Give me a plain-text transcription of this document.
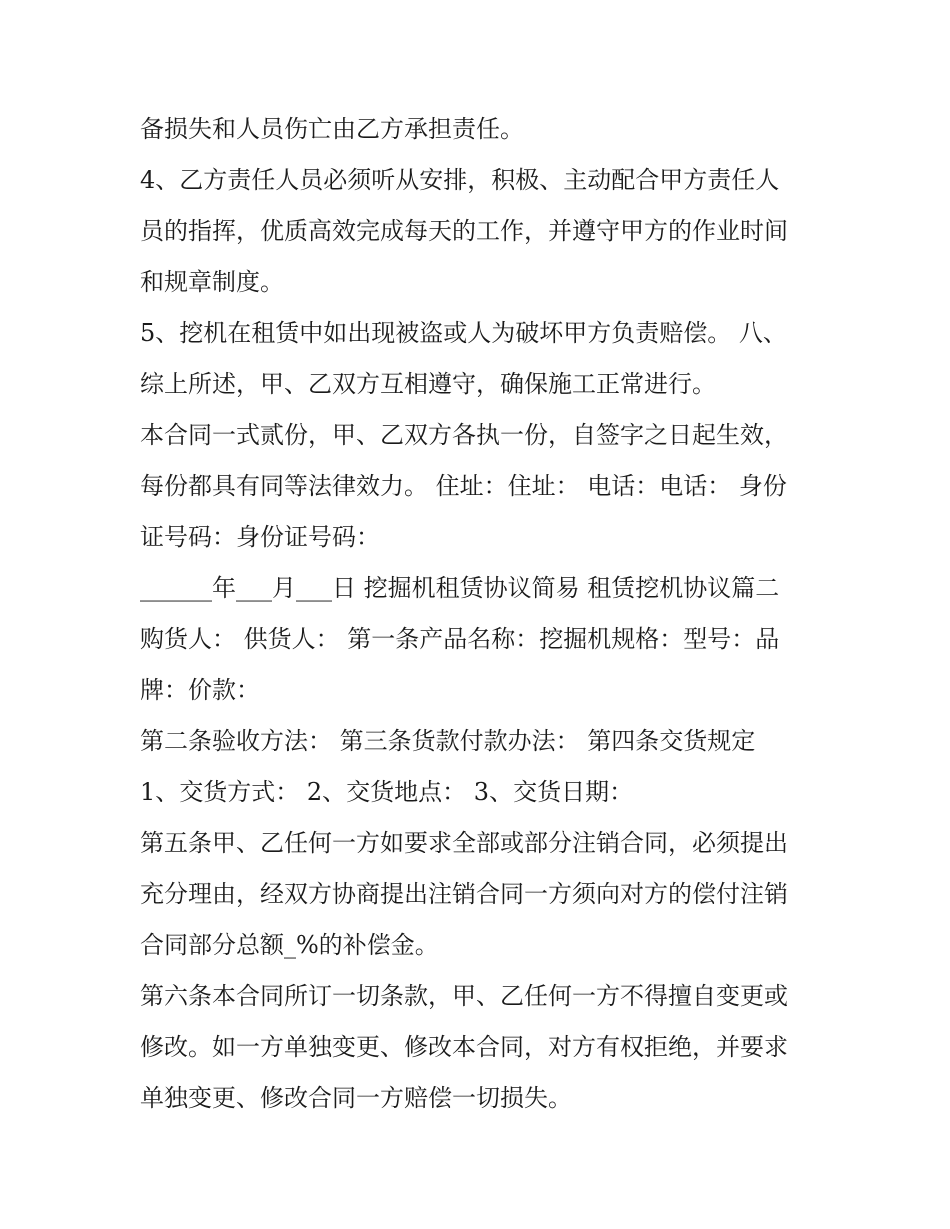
备损失和人员伤亡由乙方承担责任。
4、乙方责任人员必须听从安排，积极、主动配合甲方责任人
员的指挥，优质高效完成每天的工作，并遵守甲方的作业时间
和规章制度。
5、挖机在租赁中如出现被盗或人为破坏甲方负责赔偿。 八、
综上所述，甲、乙双方互相遵守，确保施工正常进行。
本合同一式贰份，甲、乙双方各执一份，自签字之日起生效，
每份都具有同等法律效力。 住址：住址： 电话：电话： 身份
证号码：身份证号码：
______年___月___日 挖掘机租赁协议简易 租赁挖机协议篇二
购货人： 供货人： 第一条产品名称：挖掘机规格：型号：品
牌：价款：
第二条验收方法： 第三条货款付款办法： 第四条交货规定
1、交货方式： 2、交货地点： 3、交货日期：
第五条甲、乙任何一方如要求全部或部分注销合同，必须提出
充分理由，经双方协商提出注销合同一方须向对方的偿付注销
合同部分总额_%的补偿金。
第六条本合同所订一切条款，甲、乙任何一方不得擅自变更或
修改。如一方单独变更、修改本合同，对方有权拒绝，并要求
单独变更、修改合同一方赔偿一切损失。
